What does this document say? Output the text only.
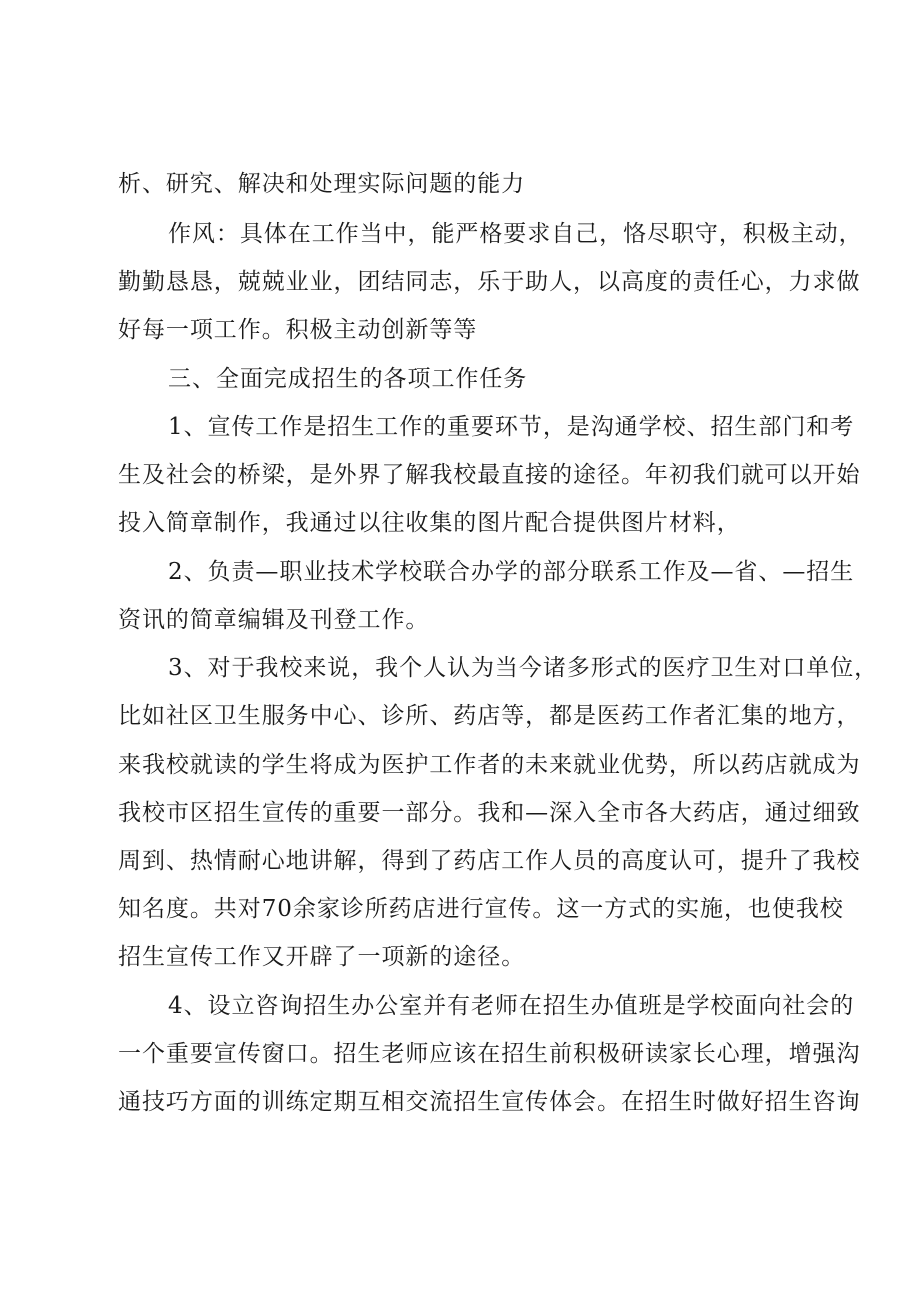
析、研究、解决和处理实际问题的能力
作风：具体在工作当中，能严格要求自己，恪尽职守，积极主动，
勤勤恳恳，兢兢业业，团结同志，乐于助人，以高度的责任心，力求做
好每一项工作。积极主动创新等等
三、全面完成招生的各项工作任务
1、宣传工作是招生工作的重要环节，是沟通学校、招生部门和考
生及社会的桥梁，是外界了解我校最直接的途径。年初我们就可以开始
投入简章制作，我通过以往收集的图片配合提供图片材料，
2、负责—职业技术学校联合办学的部分联系工作及—省、—招生
资讯的简章编辑及刊登工作。
3、对于我校来说，我个人认为当今诸多形式的医疗卫生对口单位，
比如社区卫生服务中心、诊所、药店等，都是医药工作者汇集的地方，
来我校就读的学生将成为医护工作者的未来就业优势，所以药店就成为
我校市区招生宣传的重要一部分。我和—深入全市各大药店，通过细致
周到、热情耐心地讲解，得到了药店工作人员的高度认可，提升了我校
知名度。共对70余家诊所药店进行宣传。这一方式的实施，也使我校
招生宣传工作又开辟了一项新的途径。
4、设立咨询招生办公室并有老师在招生办值班是学校面向社会的
一个重要宣传窗口。招生老师应该在招生前积极研读家长心理，增强沟
通技巧方面的训练定期互相交流招生宣传体会。在招生时做好招生咨询
